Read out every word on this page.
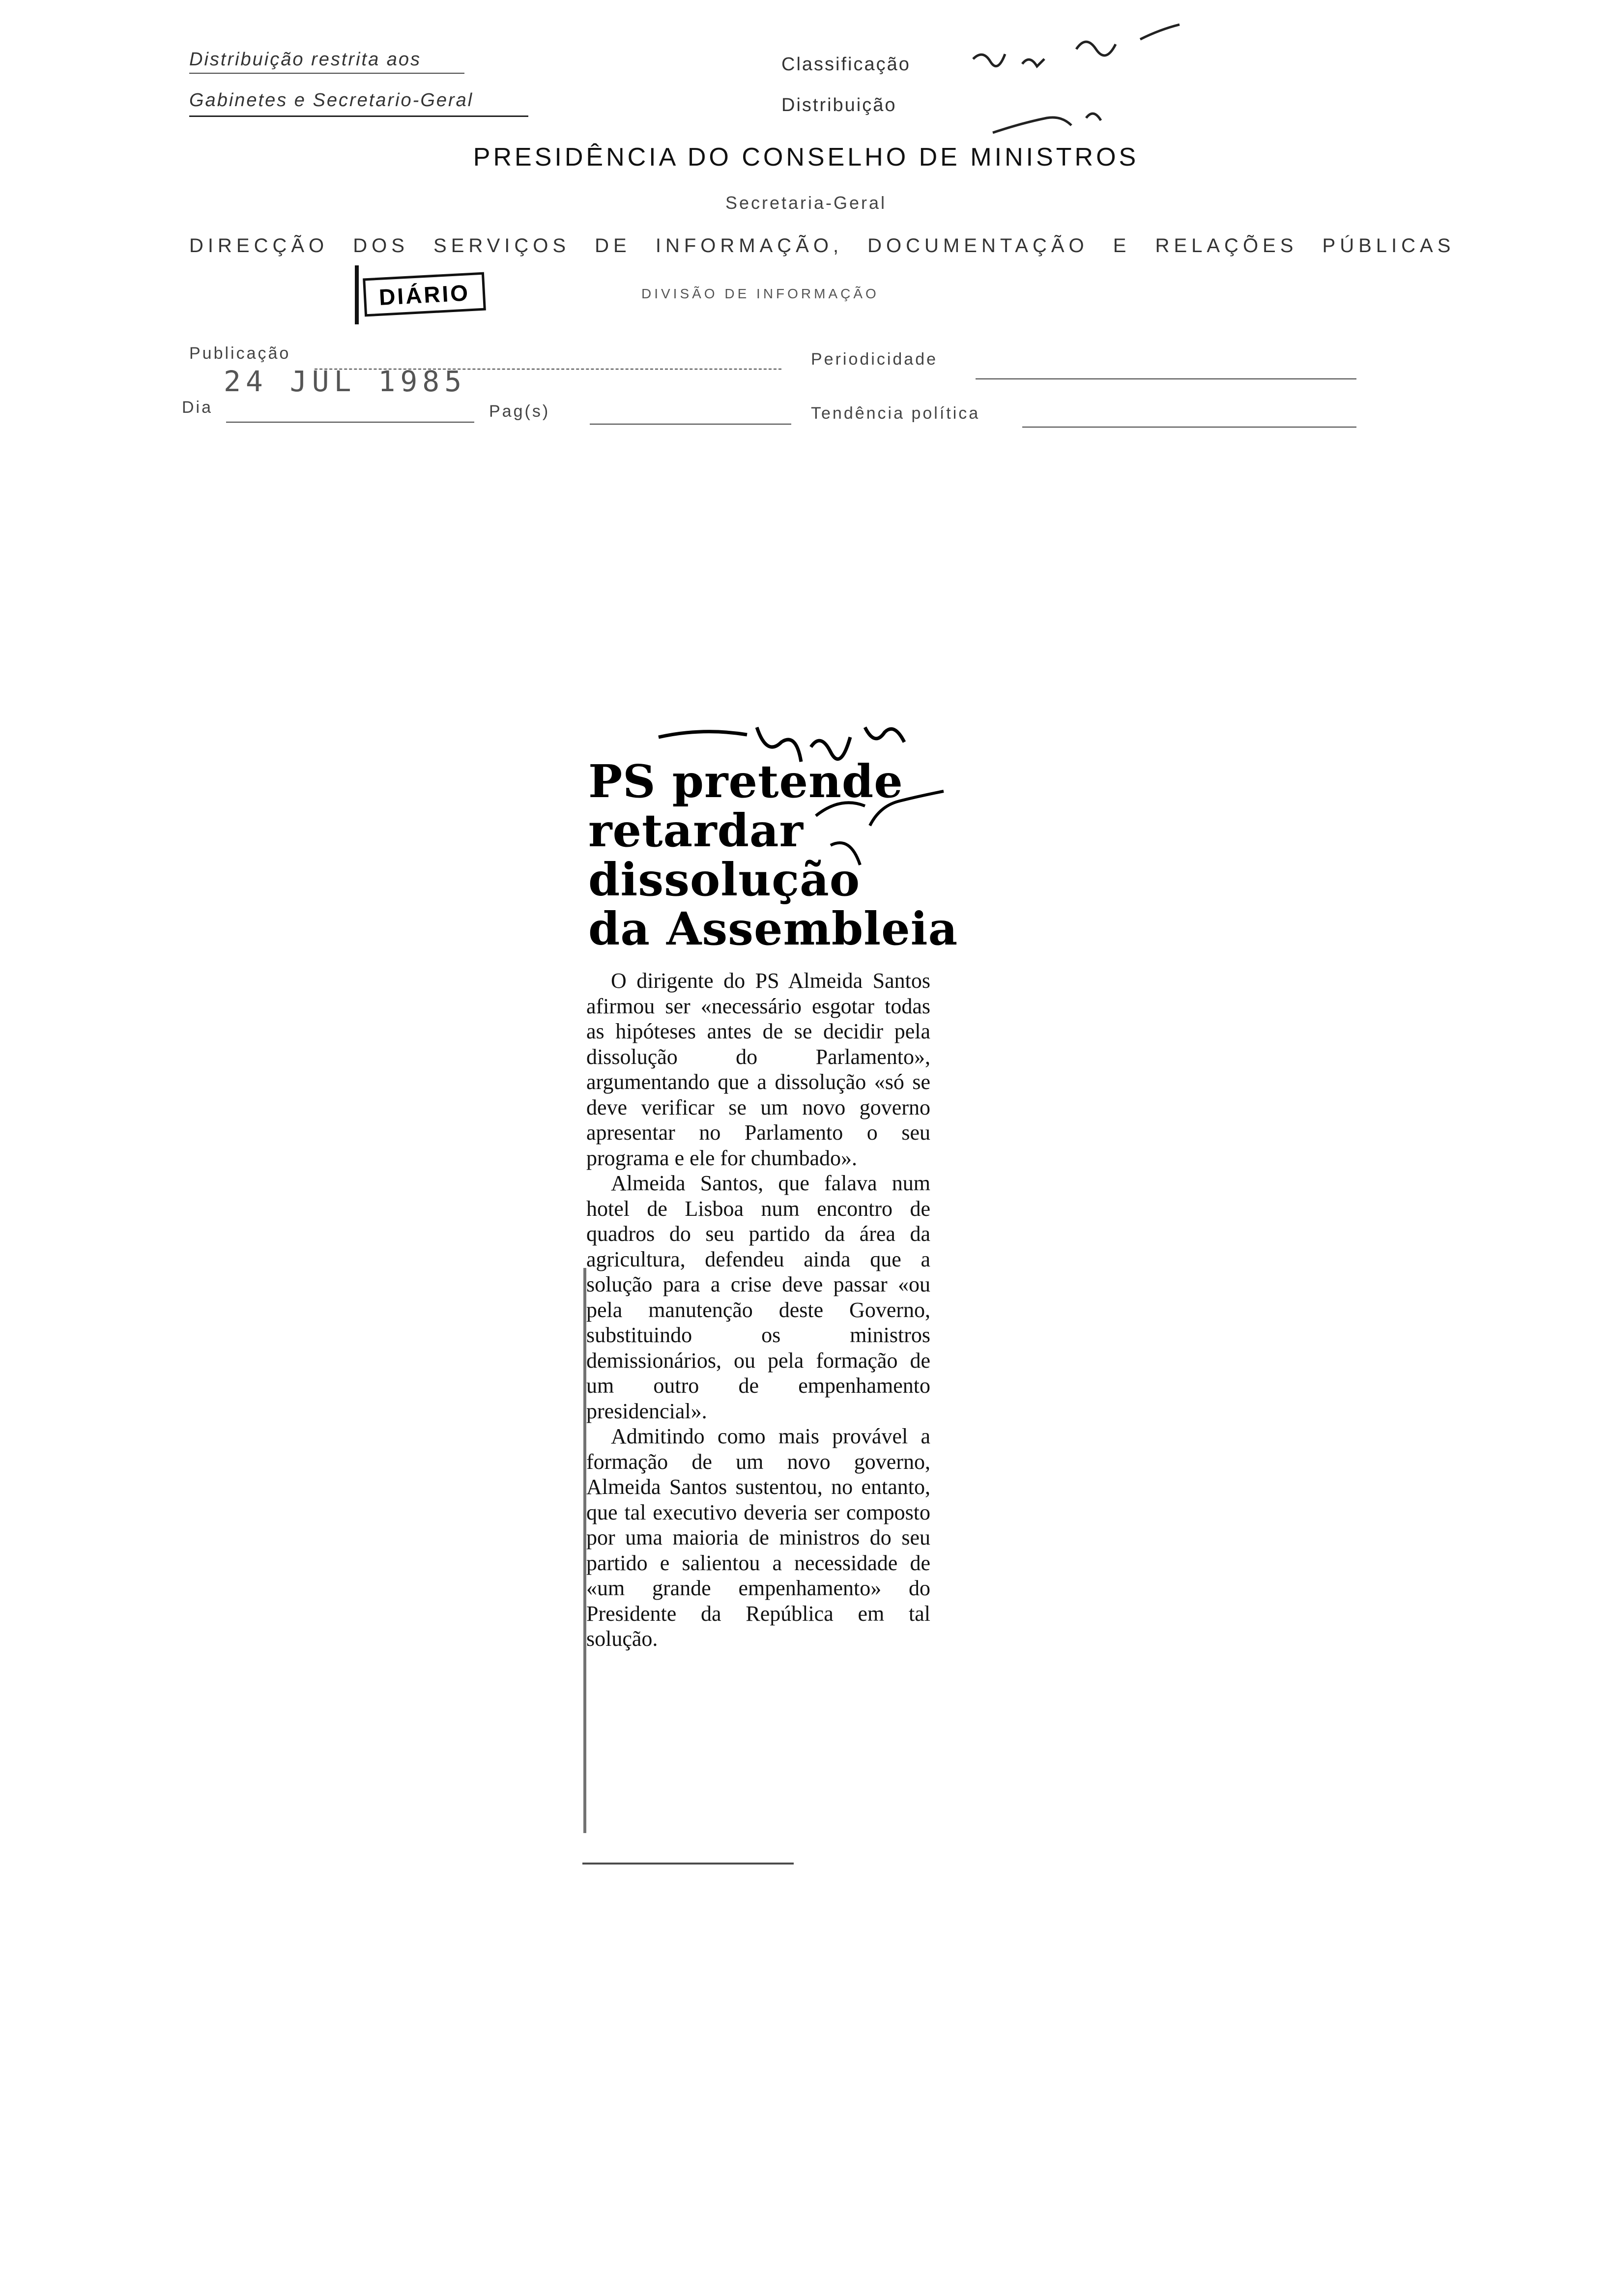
Distribuição restrita aos
Gabinetes e Secretario-Geral
Classificação
Distribuição
PRESIDÊNCIA DO CONSELHO DE MINISTROS
Secretaria-Geral
DIRECÇÃO DOS SERVIÇOS DE INFORMAÇÃO, DOCUMENTAÇÃO E RELAÇÕES PÚBLICAS
DIVISÃO DE INFORMAÇÃO
DIÁRIO
Publicação	Periodicidade
Dia
24 JUL 1985
Pag(s)	Tendência política
PS pretende
retardar
dissolução
da Assembleia

O dirigente do PS Almeida Santos afirmou ser «necessário esgotar todas as hipóteses antes de se decidir pela dissolução do Parlamento», argumentando que a dissolução «só se deve verificar se um novo governo apresentar no Parlamento o seu programa e ele for chumbado».

Almeida Santos, que falava num hotel de Lisboa num encontro de quadros do seu partido da área da agricultura, defendeu ainda que a solução para a crise deve passar «ou pela manutenção deste Governo, substituindo os ministros demissionários, ou pela formação de um outro de empenhamento presidencial».

Admitindo como mais provável a formação de um novo governo, Almeida Santos sustentou, no entanto, que tal executivo deveria ser composto por uma maioria de ministros do seu partido e salientou a necessidade de «um grande empenhamento» do Presidente da República em tal solução.
